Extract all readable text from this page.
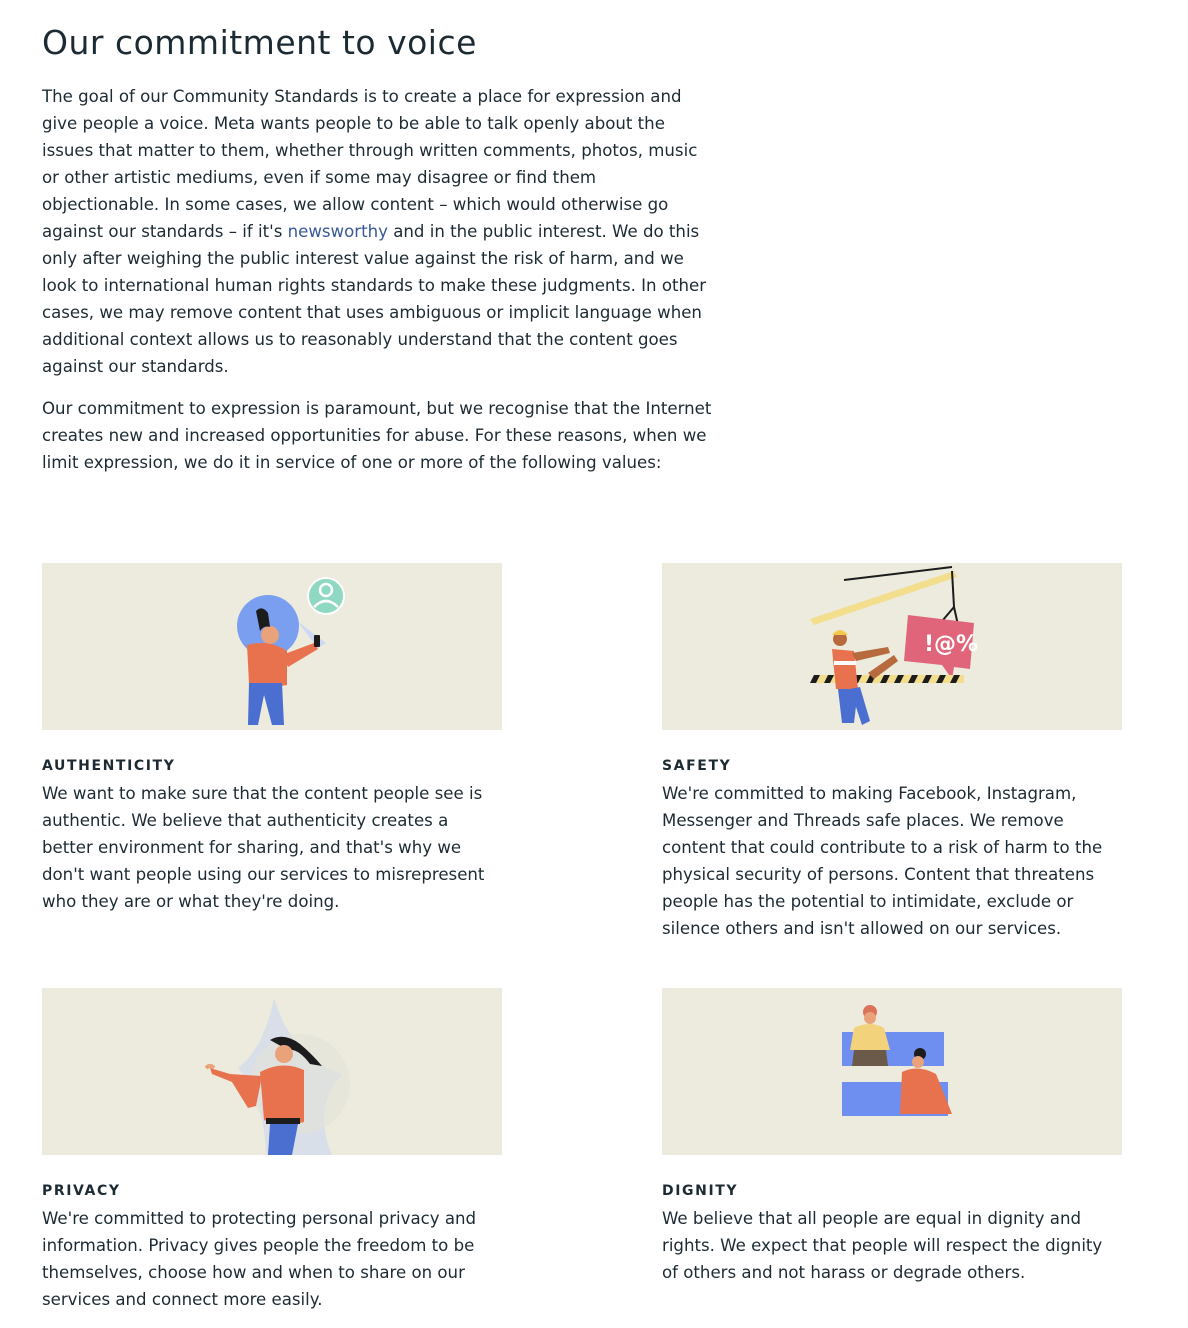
Our commitment to voice

The goal of our Community Standards is to create a place for expression and give people a voice. Meta wants people to be able to talk openly about the issues that matter to them, whether through written comments, photos, music or other artistic mediums, even if some may disagree or find them objectionable. In some cases, we allow content – which would otherwise go against our standards – if it's newsworthy and in the public interest. We do this only after weighing the public interest value against the risk of harm, and we look to international human rights standards to make these judgments. In other cases, we may remove content that uses ambiguous or implicit language when additional context allows us to reasonably understand that the content goes against our standards.

Our commitment to expression is paramount, but we recognise that the Internet creates new and increased opportunities for abuse. For these reasons, when we limit expression, we do it in service of one or more of the following values:

AUTHENTICITY

We want to make sure that the content people see is authentic. We believe that authenticity creates a better environment for sharing, and that's why we don't want people using our services to misrepresent who they are or what they're doing.

!@%
SAFETY

We're committed to making Facebook, Instagram, Messenger and Threads safe places. We remove content that could contribute to a risk of harm to the physical security of persons. Content that threatens people has the potential to intimidate, exclude or silence others and isn't allowed on our services.

PRIVACY

We're committed to protecting personal privacy and information. Privacy gives people the freedom to be themselves, choose how and when to share on our services and connect more easily.

DIGNITY

We believe that all people are equal in dignity and rights. We expect that people will respect the dignity of others and not harass or degrade others.
